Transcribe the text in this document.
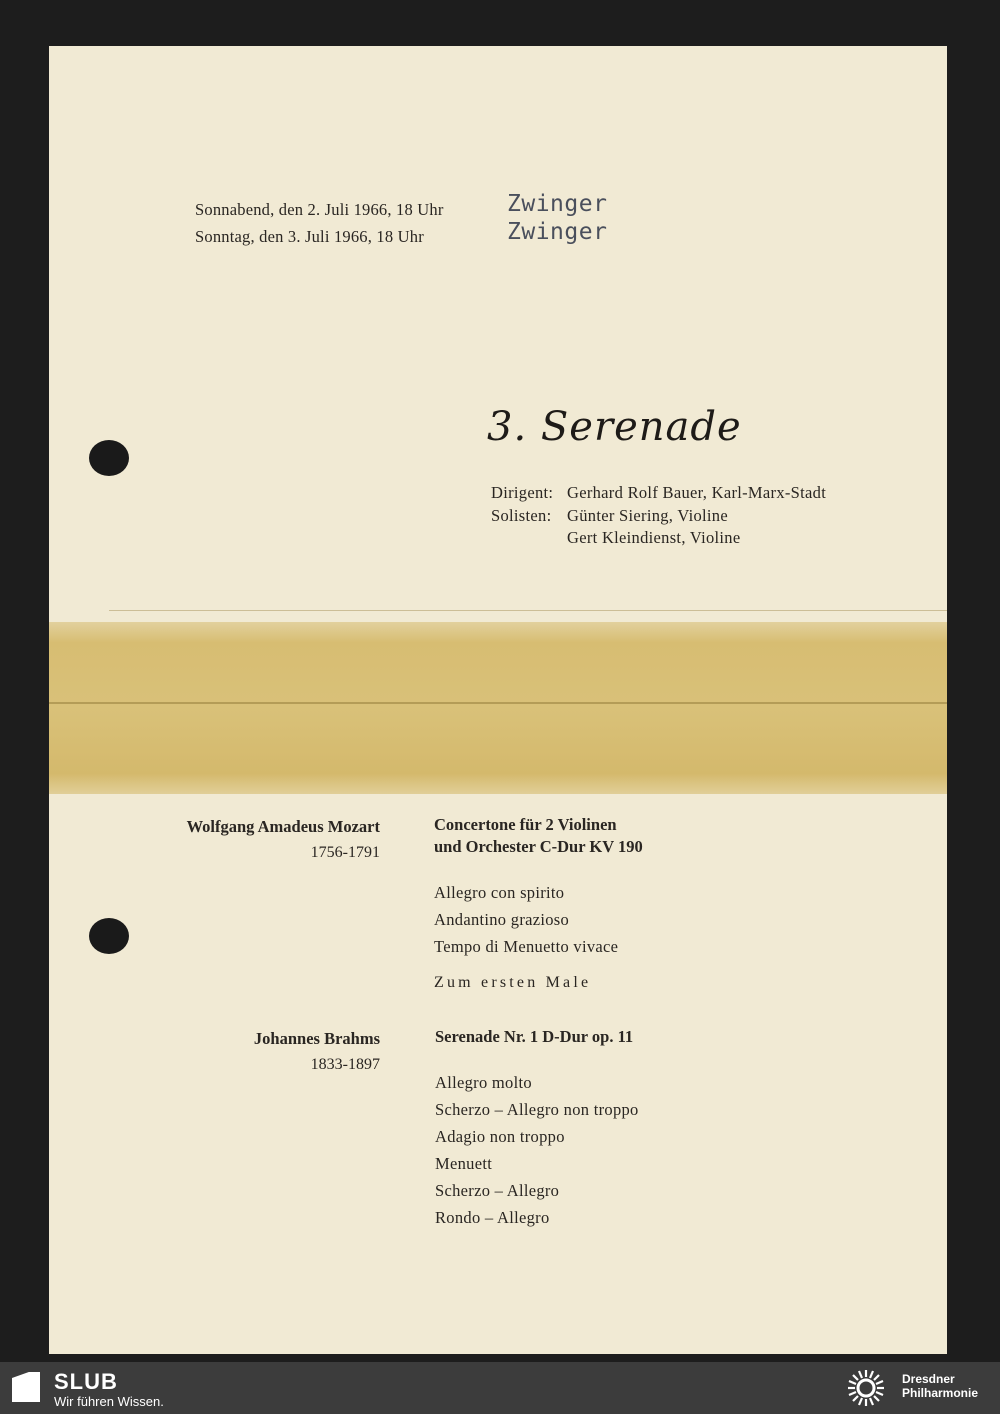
Sonnabend, den 2. Juli 1966, 18 Uhr
Sonntag, den 3. Juli 1966, 18 Uhr
Zwinger
Zwinger
3. Serenade
Dirigent: Gerhard Rolf Bauer, Karl-Marx-Stadt
Solisten: Günter Siering, Violine
Gert Kleindienst, Violine
Wolfgang Amadeus Mozart
1756-1791
Concertone für 2 Violinen
und Orchester C-Dur KV 190
Allegro con spirito
Andantino grazioso
Tempo di Menuetto vivace
Zum ersten Male
Johannes Brahms
1833-1897
Serenade Nr. 1 D-Dur op. 11
Allegro molto
Scherzo – Allegro non troppo
Adagio non troppo
Menuett
Scherzo – Allegro
Rondo – Allegro
SLUB
Wir führen Wissen.
Dresdner
Philharmonie
